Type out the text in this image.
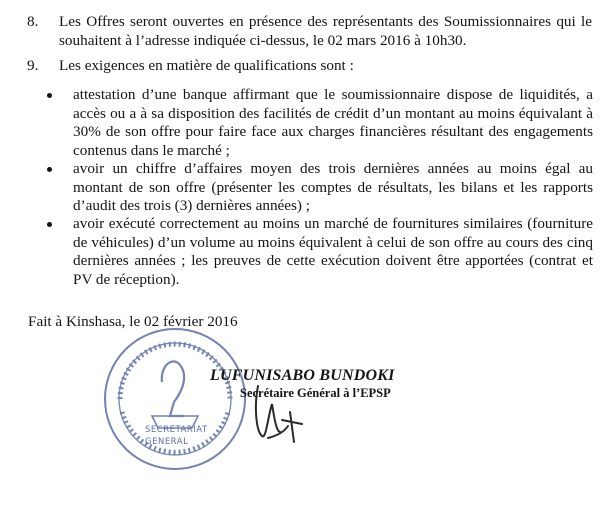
8.	Les Offres seront ouvertes en présence des représentants des Soumissionnaires qui le souhaitent à l’adresse indiquée ci-dessus, le 02 mars 2016 à 10h30.
9.	Les exigences en matière de qualifications sont :
attestation d’une banque affirmant que le soumissionnaire dispose de liquidités, a accès ou a à sa disposition des facilités de crédit d’un montant au moins équivalant à 30% de son offre pour faire face aux charges financières résultant des engagements contenus dans le marché ;
avoir un chiffre d’affaires moyen des trois dernières années au moins égal au montant de son offre (présenter les comptes de résultats, les bilans et les rapports d’audit des trois (3) dernières années) ;
avoir exécuté correctement au moins un marché de fournitures similaires (fourniture de véhicules) d’un volume au moins équivalent à celui de son offre au cours des cinq dernières années ; les preuves de cette exécution doivent être apportées (contrat et PV de réception).
Fait à Kinshasa, le 02 février 2016
SECRETARIAT
GENERAL
LUFUNISABO BUNDOKI
Secrétaire Général à l’EPSP
